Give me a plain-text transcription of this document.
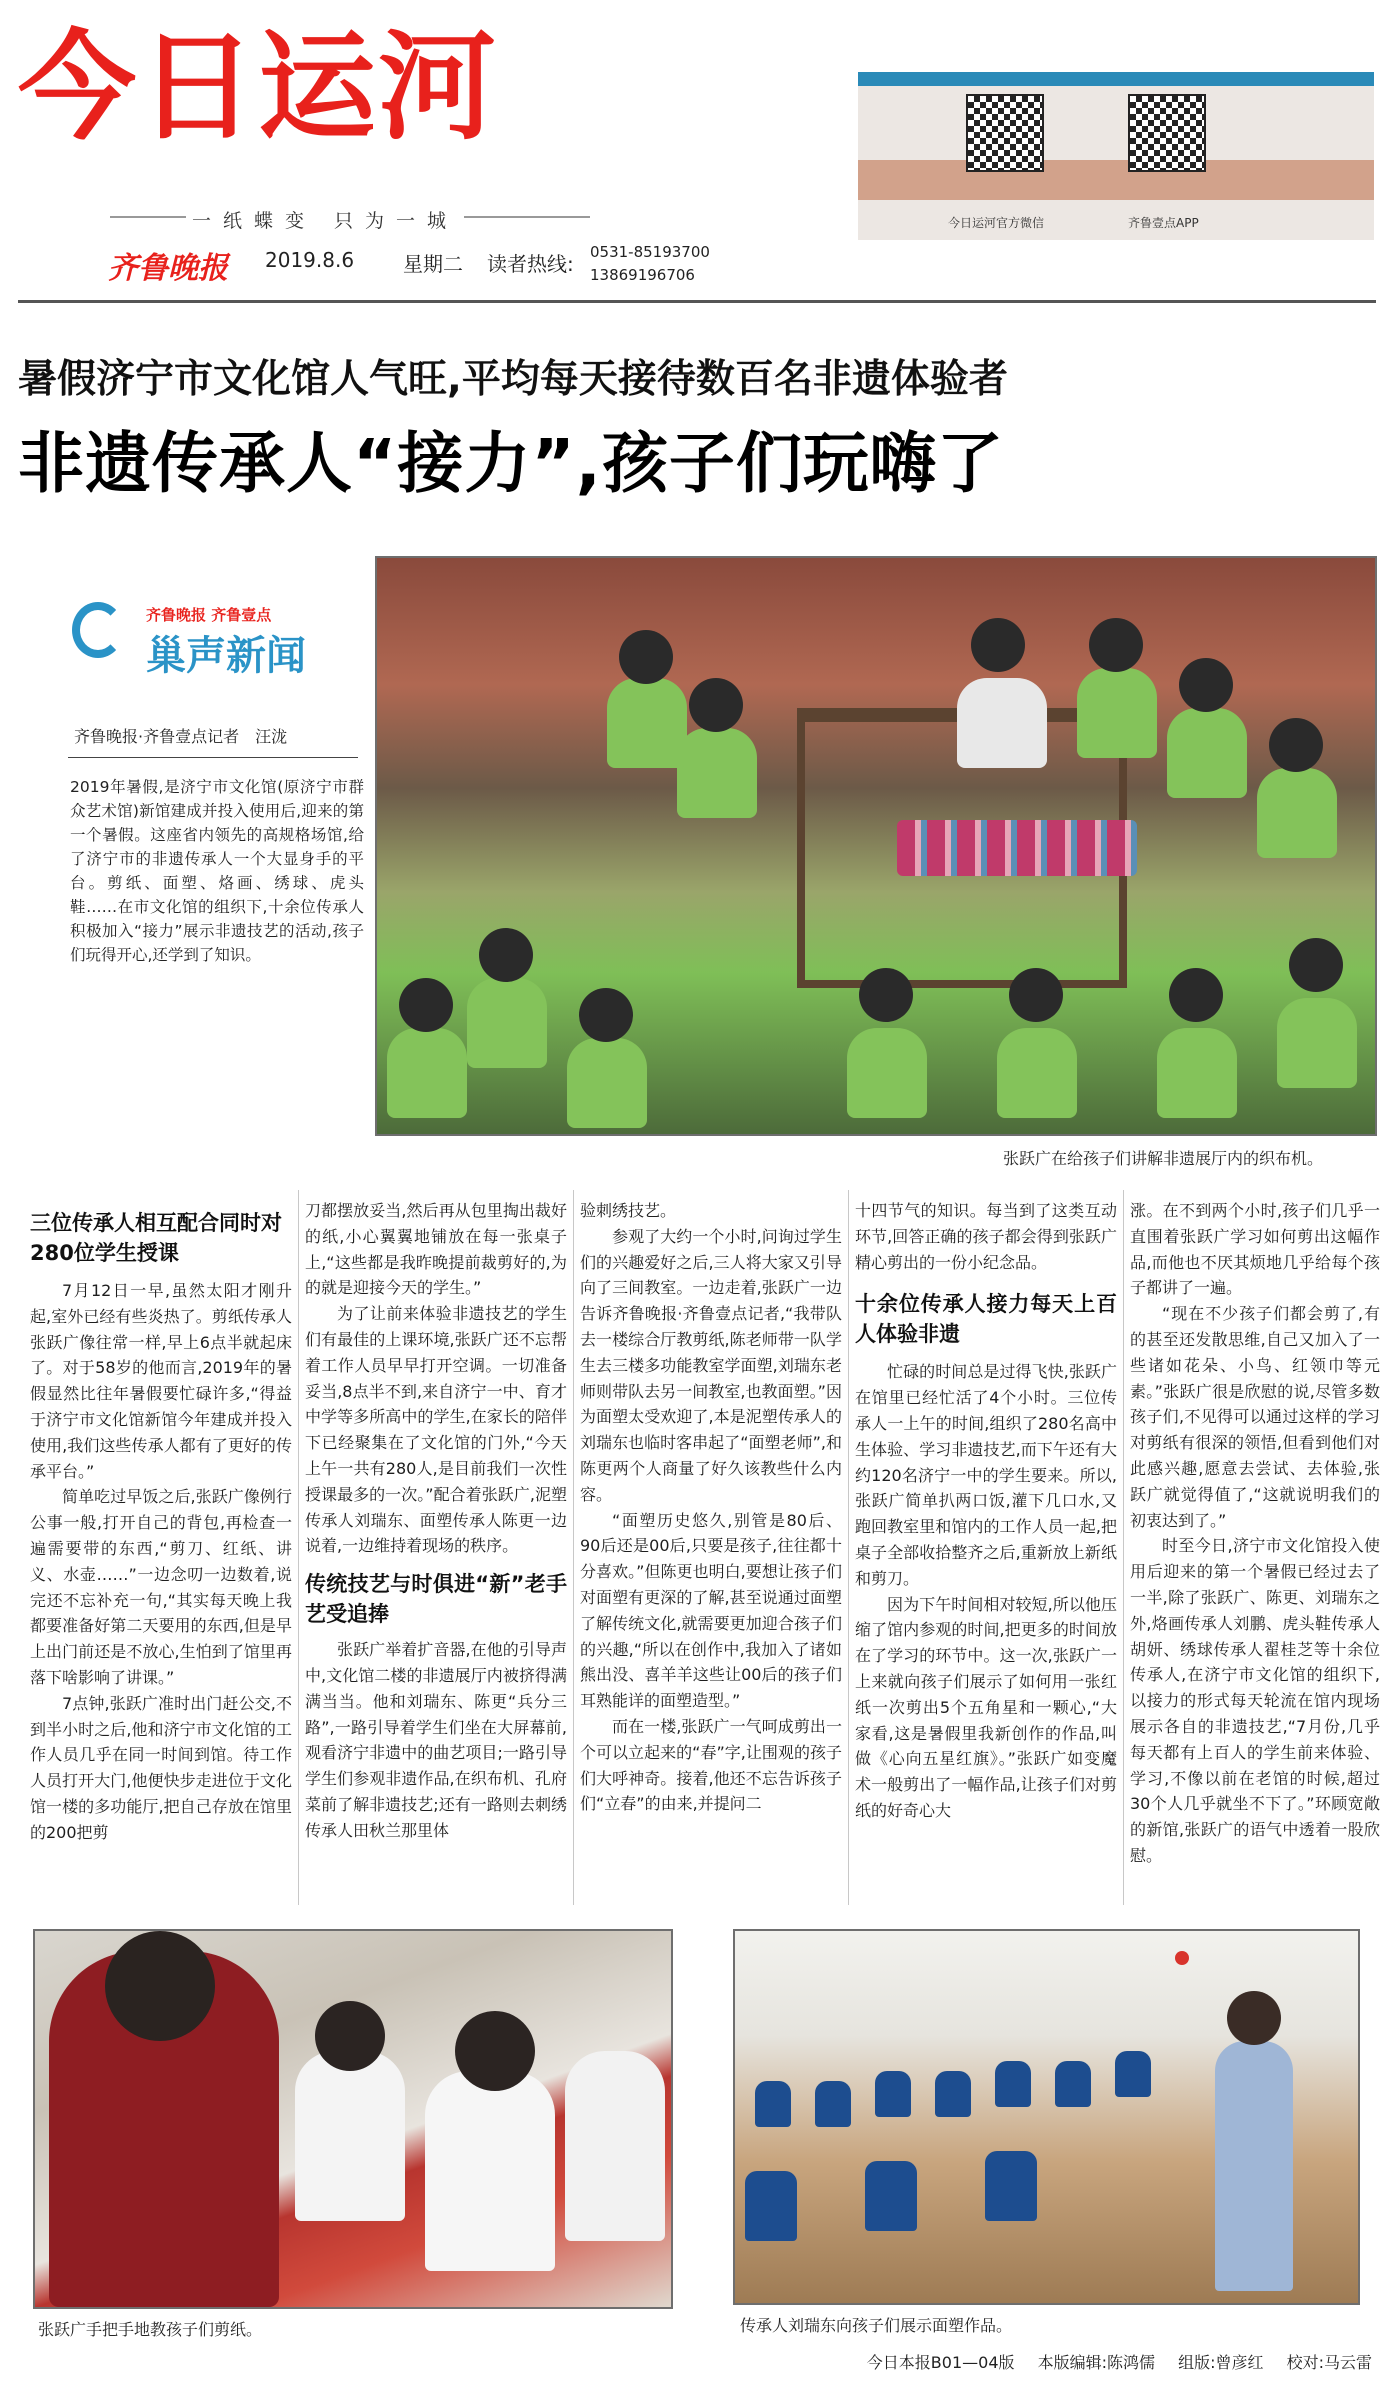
今日运河
一纸蝶变 只为一城
齐鲁晚报 2019.8.6 星期二 读者热线: 0531-85193700
13869196706
今日运河官方微信	齐鲁壹点APP
暑假济宁市文化馆人气旺,平均每天接待数百名非遗体验者
非遗传承人“接力”,孩子们玩嗨了
齐鲁晚报 齐鲁壹点
巢声新闻
齐鲁晚报·齐鲁壹点记者　汪泷
2019年暑假,是济宁市文化馆(原济宁市群众艺术馆)新馆建成并投入使用后,迎来的第一个暑假。这座省内领先的高规格场馆,给了济宁市的非遗传承人一个大显身手的平台。剪纸、面塑、烙画、绣球、虎头鞋……在市文化馆的组织下,十余位传承人积极加入“接力”展示非遗技艺的活动,孩子们玩得开心,还学到了知识。
张跃广在给孩子们讲解非遗展厅内的织布机。
三位传承人相互配合同时对280位学生授课

7月12日一早,虽然太阳才刚升起,室外已经有些炎热了。剪纸传承人张跃广像往常一样,早上6点半就起床了。对于58岁的他而言,2019年的暑假显然比往年暑假要忙碌许多,“得益于济宁市文化馆新馆今年建成并投入使用,我们这些传承人都有了更好的传承平台。”

简单吃过早饭之后,张跃广像例行公事一般,打开自己的背包,再检查一遍需要带的东西,“剪刀、红纸、讲义、水壶……”一边念叨一边数着,说完还不忘补充一句,“其实每天晚上我都要准备好第二天要用的东西,但是早上出门前还是不放心,生怕到了馆里再落下啥影响了讲课。”

7点钟,张跃广准时出门赶公交,不到半小时之后,他和济宁市文化馆的工作人员几乎在同一时间到馆。待工作人员打开大门,他便快步走进位于文化馆一楼的多功能厅,把自己存放在馆里的200把剪

刀都摆放妥当,然后再从包里掏出裁好的纸,小心翼翼地铺放在每一张桌子上,“这些都是我昨晚提前裁剪好的,为的就是迎接今天的学生。”

为了让前来体验非遗技艺的学生们有最佳的上课环境,张跃广还不忘帮着工作人员早早打开空调。一切准备妥当,8点半不到,来自济宁一中、育才中学等多所高中的学生,在家长的陪伴下已经聚集在了文化馆的门外,“今天上午一共有280人,是目前我们一次性授课最多的一次。”配合着张跃广,泥塑传承人刘瑞东、面塑传承人陈更一边说着,一边维持着现场的秩序。

传统技艺与时俱进“新”老手艺受追捧

张跃广举着扩音器,在他的引导声中,文化馆二楼的非遗展厅内被挤得满满当当。他和刘瑞东、陈更“兵分三路”,一路引导着学生们坐在大屏幕前,观看济宁非遗中的曲艺项目;一路引导学生们参观非遗作品,在织布机、孔府菜前了解非遗技艺;还有一路则去刺绣传承人田秋兰那里体

验刺绣技艺。

参观了大约一个小时,问询过学生们的兴趣爱好之后,三人将大家又引导向了三间教室。一边走着,张跃广一边告诉齐鲁晚报·齐鲁壹点记者,“我带队去一楼综合厅教剪纸,陈老师带一队学生去三楼多功能教室学面塑,刘瑞东老师则带队去另一间教室,也教面塑。”因为面塑太受欢迎了,本是泥塑传承人的刘瑞东也临时客串起了“面塑老师”,和陈更两个人商量了好久该教些什么内容。

“面塑历史悠久,别管是80后、90后还是00后,只要是孩子,往往都十分喜欢。”但陈更也明白,要想让孩子们对面塑有更深的了解,甚至说通过面塑了解传统文化,就需要更加迎合孩子们的兴趣,“所以在创作中,我加入了诸如熊出没、喜羊羊这些让00后的孩子们耳熟能详的面塑造型。”

而在一楼,张跃广一气呵成剪出一个可以立起来的“春”字,让围观的孩子们大呼神奇。接着,他还不忘告诉孩子们“立春”的由来,并提问二

十四节气的知识。每当到了这类互动环节,回答正确的孩子都会得到张跃广精心剪出的一份小纪念品。

十余位传承人接力每天上百人体验非遗

忙碌的时间总是过得飞快,张跃广在馆里已经忙活了4个小时。三位传承人一上午的时间,组织了280名高中生体验、学习非遗技艺,而下午还有大约120名济宁一中的学生要来。所以,张跃广简单扒两口饭,灌下几口水,又跑回教室里和馆内的工作人员一起,把桌子全部收拾整齐之后,重新放上新纸和剪刀。

因为下午时间相对较短,所以他压缩了馆内参观的时间,把更多的时间放在了学习的环节中。这一次,张跃广一上来就向孩子们展示了如何用一张红纸一次剪出5个五角星和一颗心,“大家看,这是暑假里我新创作的作品,叫做《心向五星红旗》。”张跃广如变魔术一般剪出了一幅作品,让孩子们对剪纸的好奇心大

涨。在不到两个小时,孩子们几乎一直围着张跃广学习如何剪出这幅作品,而他也不厌其烦地几乎给每个孩子都讲了一遍。

“现在不少孩子们都会剪了,有的甚至还发散思维,自己又加入了一些诸如花朵、小鸟、红领巾等元素。”张跃广很是欣慰的说,尽管多数孩子们,不见得可以通过这样的学习对剪纸有很深的领悟,但看到他们对此感兴趣,愿意去尝试、去体验,张跃广就觉得值了,“这就说明我们的初衷达到了。”

时至今日,济宁市文化馆投入使用后迎来的第一个暑假已经过去了一半,除了张跃广、陈更、刘瑞东之外,烙画传承人刘鹏、虎头鞋传承人胡妍、绣球传承人翟桂芝等十余位传承人,在济宁市文化馆的组织下,以接力的形式每天轮流在馆内现场展示各自的非遗技艺,“7月份,几乎每天都有上百人的学生前来体验、学习,不像以前在老馆的时候,超过30个人几乎就坐不下了。”环顾宽敞的新馆,张跃广的语气中透着一股欣慰。

张跃广手把手地教孩子们剪纸。	传承人刘瑞东向孩子们展示面塑作品。
今日本报B01—04版 本版编辑:陈鸿儒 组版:曾彦红 校对:马云雷
